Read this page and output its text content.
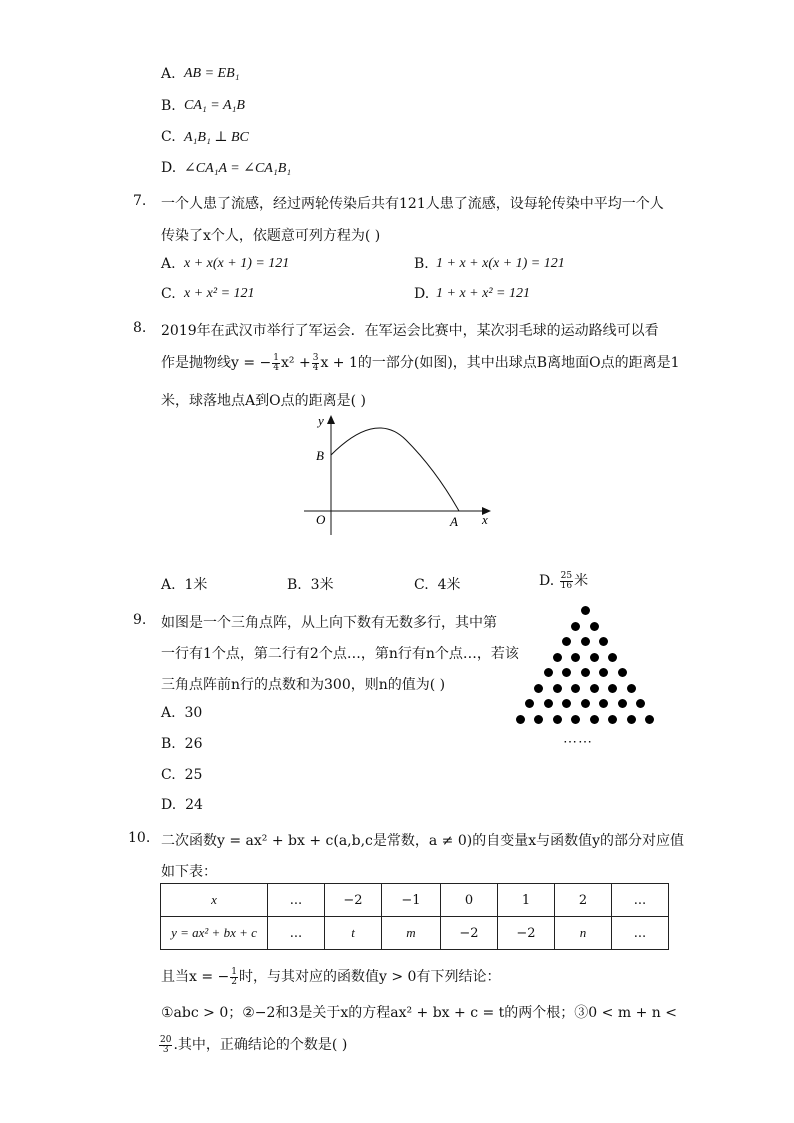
A. AB = EB₁
B. CA₁ = A₁B
C. A₁B₁ ⊥ BC
D. ∠CA₁A = ∠CA₁B₁
7. 一个人患了流感，经过两轮传染后共有121人患了流感，设每轮传染中平均一个人
传染了x个人，依题意可列方程为( )
A. x + x(x + 1) = 121	B. 1 + x + x(x + 1) = 121
C. x + x² = 121	D. 1 + x + x² = 121
8. 2019年在武汉市举行了军运会．在军运会比赛中，某次羽毛球的运动路线可以看
作是抛物线y = − $\frac{1}{4} x^2 + \frac{3}{4}$ x + 1的一部分(如图)，其中出球点B离地面O点的距离是1
米，球落地点A到O点的距离是( )
y
x
O
B
A
A. 1米	B. 3米	C. 4米	D. $\frac{25}{16}$ 米
9. 如图是一个三角点阵，从上向下数有无数多行，其中第
一行有1个点，第二行有2个点…，第n行有n个点…，若该
三角点阵前n行的点数和为300，则n的值为( )
A. 30
B. 26
C. 25
D. 24
⋯⋯
10. 二次函数y = ax² + bx + c(a,b,c是常数，a ≠ 0)的自变量x与函数值y的部分对应值
如下表：
x	...	−2	−1	0	1	2	...
y = ax² + bx + c	...	t	m	−2	−2	n	...
且当x = − $\frac{1}{2}$ 时，与其对应的函数值y > 0有下列结论：
①abc > 0；②−2和3是关于x的方程ax² + bx + c = t的两个根；③0 < m + n <
$\frac{20}{3}$ .其中，正确结论的个数是( )
